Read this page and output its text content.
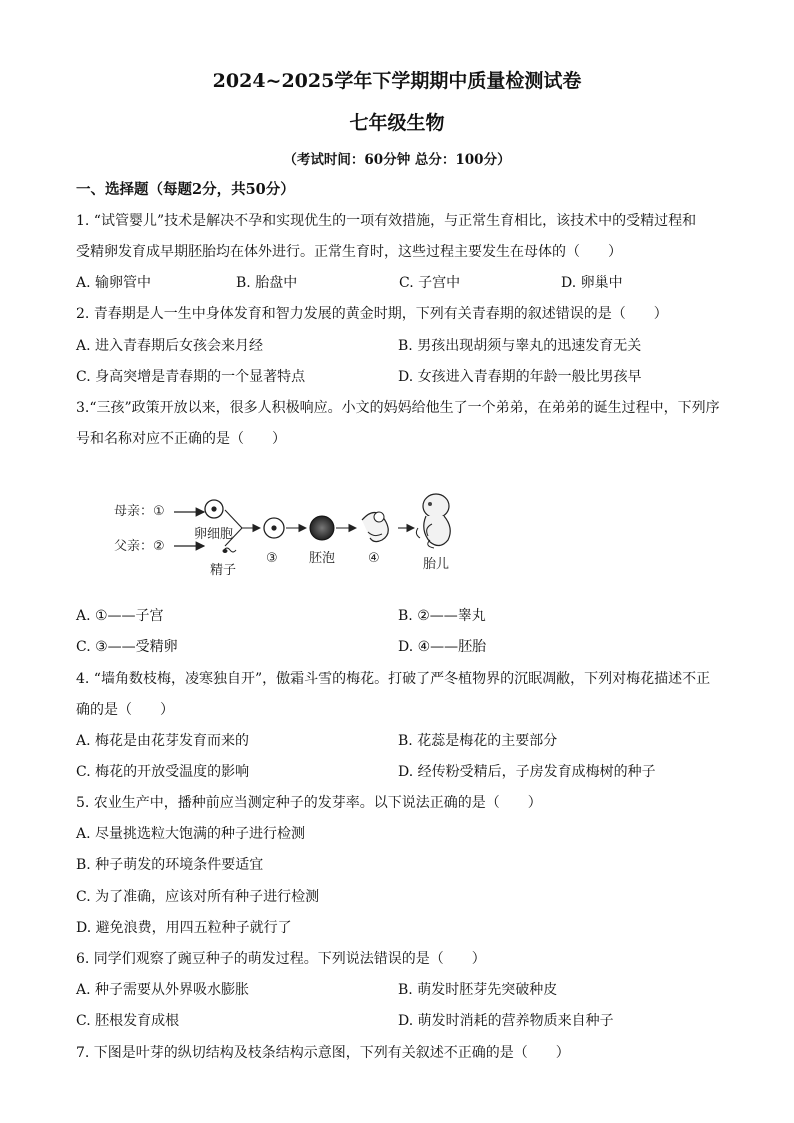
2024~2025学年下学期期中质量检测试卷
七年级生物
（考试时间：60分钟 总分：100分）
一、选择题（每题2分，共50分）
1. “试管婴儿”技术是解决不孕和实现优生的一项有效措施，与正常生育相比，该技术中的受精过程和
受精卵发育成早期胚胎均在体外进行。正常生育时，这些过程主要发生在母体的（　　）
A. 输卵管中	B. 胎盘中	C. 子宫中	D. 卵巢中
2. 青春期是人一生中身体发育和智力发展的黄金时期，下列有关青春期的叙述错误的是（　　）
A. 进入青春期后女孩会来月经	B. 男孩出现胡须与睾丸的迅速发育无关
C. 身高突增是青春期的一个显著特点	D. 女孩进入青春期的年龄一般比男孩早
3.“三孩”政策开放以来，很多人积极响应。小文的妈妈给他生了一个弟弟，在弟弟的诞生过程中，下列序
号和名称对应不正确的是（　　）
母亲：①
父亲：②
卵细胞
精子
③ 胚泡	④	胎儿
A. ①——子宫	B. ②——睾丸
C. ③——受精卵	D. ④——胚胎
4. “墙角数枝梅，凌寒独自开”，傲霜斗雪的梅花。打破了严冬植物界的沉眠凋敝，下列对梅花描述不正
确的是（　　）
A. 梅花是由花芽发育而来的	B. 花蕊是梅花的主要部分
C. 梅花的开放受温度的影响	D. 经传粉受精后，子房发育成梅树的种子
5. 农业生产中，播种前应当测定种子的发芽率。以下说法正确的是（　　）
A. 尽量挑选粒大饱满的种子进行检测
B. 种子萌发的环境条件要适宜
C. 为了准确，应该对所有种子进行检测
D. 避免浪费，用四五粒种子就行了
6. 同学们观察了豌豆种子的萌发过程。下列说法错误的是（　　）
A. 种子需要从外界吸水膨胀	B. 萌发时胚芽先突破种皮
C. 胚根发育成根	D. 萌发时消耗的营养物质来自种子
7. 下图是叶芽的纵切结构及枝条结构示意图，下列有关叙述不正确的是（　　）
